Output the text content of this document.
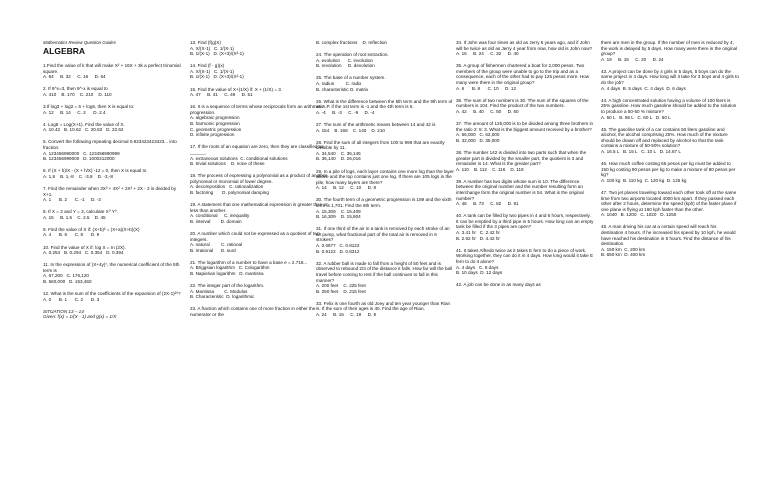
Mathematics Review Question Guides
ALGEBRA
1.Find the value of k that will make X² + 16X + 3k a perfect trinomial square.
A. 64     B. 32     C. 16     D. 64
2. If 9^x=3, then 9^-x is equal to
A. 410    B. 170    C. 210    D. 110
3.If log3 + log2 = 6 + log6, then X is equal to:
A. 12     B. 14     C. 2      D. 2.4
4. Log8 = Log(X+1). Find the value of X.
A. 10.42   B. 10.62   C. 20.82   D. 22.62
5. Convert the following repeating decimal 0.923423423423... into fraction.
A. 123456990000   C. 123456990999
B. 123456999000   D. 1000212000
6. If (X + h)/X - (X + h/X) -12 = 0, then X is equal to
A. 1,8    B. 1,-8    C. -3,8    D. -3,-8
7. Find the remainder when 3X³ + 4X² + 2X³ + 2X - 2 is divided by X+1.
A. 1      B. 2      C. -1     D. -2
8. If X = 2 and Y = 3, calculate X⁰ Y⁰.
A. 15     B. 1.5    C. 2.5    D. 45
9. Find the value of X if: (X+b)² = (X+a)(X+b)(X)
A. 4      B. 6      C. 8      D. 9
10. Find the value of X if: log X = In (2X).
A. 0.254   B. 0.294   C. 0.354   D. 0.394
11. In the expression of (X+4y)⁷, the numerical coefficient of the 5th term is
A. 67,200   C. 176,120
B. 560,000   D. 153,460
12. What is the sum of the coefficients of the expansion of (2X-1)²⁰?
A. 0      B. 1      C. 2      D. 3
SITUATION 13 – 14
Given: f(x) = 1/(X - 1) and g(x) = 1/X
13. Find (f(g)X)
A. X/(X-1)   C. 1/(X-1)
B. 1/(X-1)   D. (X+3)/(X²-1)
14. Find (f · g)(x)
A. X/(X-1)   C. 1/(X-1)
B. 1/(X-1)   D. (X+3)/(X²-1)
15. Find the value of X+(1/X) if: X + (1/X) = 3.
A. 47     B. 41     C. 49     D. 51
16. It is a sequence of terms whose reciprocals form an arithmetic progression.
A. algebraic progression
B. harmonic progression
C. geometric progression
D. infinite progression
17. If the roots of an equation are zero, then they are classified as ______.
A. extraneous solutions  C. conditional solutions
B. trivial solutions    D. none of these
18. The process of expressing a polynomial as a product of another polynomial or monomial of lower degree.
A. decomposition   C. rationalization
B. factoring       D. polynomial damping
19. A statement that one mathematical expression is greater than or less than another.
A. conditional     C. inequality
B. interval        D. domain
20. A number which could not be expressed as a quotient of two integers.
A. natural         C. rational
B. irrational      D. surd
21. The logarithm of a number to have a base e = 2.718...
A. Briggsian logarithm   C. Cologarithm
B. Napierian logarithm   D. mantissa
22. The integer part of the logarithm.
A. Mantissa        C. Modulus
B. Characteristic  D. logarithmic
23. A fraction which contains one of more fraction in either the numerator or the
B. complex fractions    D. reflection
24. The operation of root extraction.
A. evolution      C. involution
B. revolution     D. devolution
25. The base of a number system.
A. radius         C. radix
B. characteristic D. matrix
26. What is the difference between the 5th term and the 9th term of an A.P. if the 1st term is -1 and the 4th term is 5.
A. -4     B. -3     C. -9     D. -4
27. The sum of the arithmetic means between 14 and 42 is
A. 154    B. 168    C. 140    D. 210
28. Find the sum of all integers from 100 to 999 that are exactly divisible by 11.
A. 34,540    C. 35,145
B. 35,140    D. 26,016
29. In a pile of logs, each layer contains one more log than the layer above and the top contains just one log. If there are 105 logs in the pile, how many layers are there?
A. 14     B. 12     C. 10     D. 8
30. The fourth term of a geometric progression is 189 and the sixth term is 1,701. Find the 8th term.
A. 15,309    C. 15,409
B. 16,309    D. 15,904
31. If one third of the air in a tank is removed by each stroke of an air pump, what fractional part of the total air is removed in 6 strokes?
A. 0.0877   C. 0.8122
B. 0.9122   D. 0.8312
32. A rubber ball is made to fall from a height of 50 feet and is observed to rebound 2/3 of the distance it falls. How far will the ball travel before coming to rest if the ball continues to fall in this manner?
A. 200 feet    C. 225 feet
B. 250 feet    D. 215 feet
33. Felix is one fourth as old Joey and ten year younger than Rian is. If the sum of their ages is 40. Find the age of Rian.
A. 24     B. 15     C. 19     D. 9
34. If John was four times as old as Jerry 6 years ago, and if John will be twice as old as Jerry 4 year from now, how old is John now?
A. 16     B. 24     C. 32     D. 40
35. A group of fishermen chartered a boat for 2,000 pesos. Two members of the group were unable to go to the trip and as a consequence, each of the other had to pay 125 pesos more. How many were there in the original group?
A. 6      B. 8      C. 10     D. 12
36. The sum of two numbers is 30. The sum of the squares of the numbers is 104. Find the product of the two numbers.
A. 42     B. 40     C. 50     D. 50
37. The amount of 125,000 is to be divided among three brothers in the ratio 2: 5: 3. What is the biggest amount received by a brother?
A. 56,000   C. 62,000
B. 32,000   D. 35,000
38. The number 142 is divided into two parts such that when the greater part is divided by the smaller part, the quotient is 3 and remainder is 14. What is the greater part?
A. 110    B. 112    C. 116    D. 119
39. A number has two digits whose sum is 10. The difference between the original number and the number resulting form an interchange form the original number is 54. What is the original number?
A. 46     B. 73     C. 82     D. 91
40. A tank can be filled by two pipes in 4 and 6 hours, respectively. It can be emptied by a third pipe in 5 hours. How long can an empty tank be filled if the 3 pipes are open?
A. 3.41 hr   C. 2.42 hr
B. 2.92 hr   D. 4.42 hr
41. It takes Alfredo twice as it takes E fern to do a piece of work. Working together, they can do it in 4 days. How long would it take E fern to do it alone?
A. 4 days   C. 8 days
B. 10 days  D. 12 days
42. A job can be done in as many days as
there are men in the group. If the number of men is reduced by 4, the work is delayed by 5 days. How many were there in the original group?
A. 19     B. 16     C. 20     D. 24
43. A project can be done by 4 girls in 5 days, 5 boys can do the same project in 4 days. How long will it take for 3 boys and 4 girls to do the job?
A. 4 days  B. 5 days  C. 4 days  D. 6 days
44. A high concentrated solution having a volume of 100 liters is 25% gasoline. How much gasoline should be added to the solution to produce a 50-50 % mixture?
A. 50 L   B. 55 L   C. 60 L   D. 60 L
45. The gasoline tank of a car contains 50 liters gasoline and alcohol, the alcohol comprising 25%. How much of the mixture should be drawn off and replaced by alcohol so that the tank contains a mixture of 50-50% solution?
A. 16.5 L   B. 15 L   C. 10 L   D. 14.87 L
46. How much coffee costing 65 pesos per kg must be added to 150 kg costing 90 pesos per kg to make a mixture of 80 pesos per kg?
A. 100 kg  B. 110 kg  C. 120 kg  D. 125 kg
47. Two jet planes traveling toward each other took off at the same time from two airports located 4000 km apart. If they passed each other after 2 hours, determine the speed (kph) of the faster plane if one plane is flying at 160 kph faster than the other.
A. 1040   B. 1200   C. 1020   D. 1250
48. A man driving his car at a certain speed will reach his destination 4 hours. If he increased his speed by 10 kph, he would have reached his destination in 5 hours. Find the distance of his destination.
A. 150 km  C. 200 km
B. 650 km  D. 400 km
